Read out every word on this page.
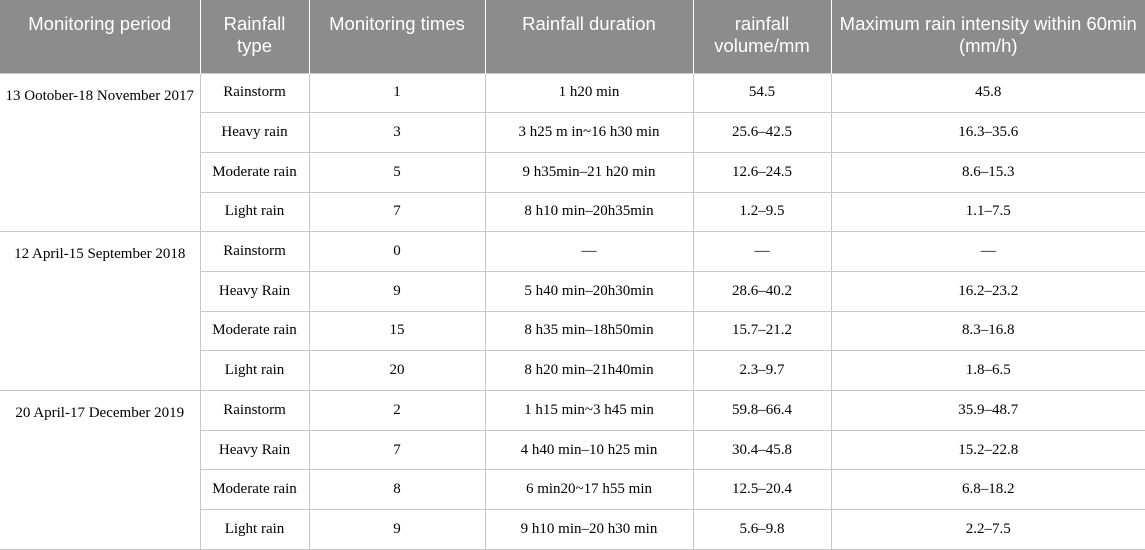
Monitoring period	Rainfall type	Monitoring times	Rainfall duration	rainfall volume/mm	Maximum rain intensity within 60min (mm/h)
13 Ootober-18 November 2017	Rainstorm	1	1 h20 min	54.5	45.8
	Heavy rain	3	3 h25 m in~16 h30 min	25.6–42.5	16.3–35.6
	Moderate rain	5	9 h35min–21 h20 min	12.6–24.5	8.6–15.3
	Light rain	7	8 h10 min–20h35min	1.2–9.5	1.1–7.5
12 April-15 September 2018	Rainstorm	0	—	—	—
	Heavy Rain	9	5 h40 min–20h30min	28.6–40.2	16.2–23.2
	Moderate rain	15	8 h35 min–18h50min	15.7–21.2	8.3–16.8
	Light rain	20	8 h20 min–21h40min	2.3–9.7	1.8–6.5
20 April-17 December 2019	Rainstorm	2	1 h15 min~3 h45 min	59.8–66.4	35.9–48.7
	Heavy Rain	7	4 h40 min–10 h25 min	30.4–45.8	15.2–22.8
	Moderate rain	8	6 min20~17 h55 min	12.5–20.4	6.8–18.2
	Light rain	9	9 h10 min–20 h30 min	5.6–9.8	2.2–7.5
